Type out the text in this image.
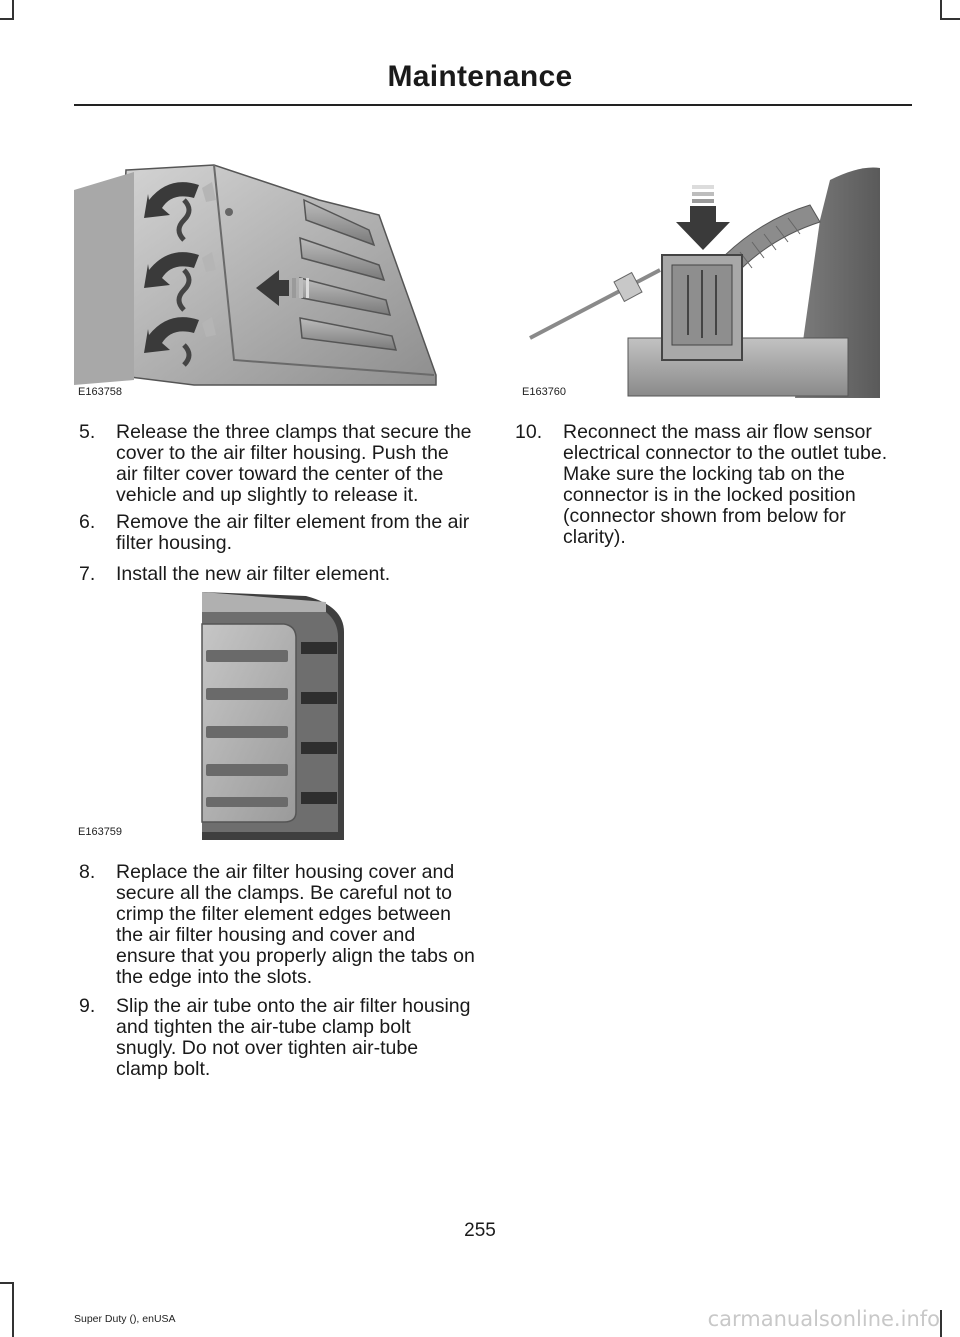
Maintenance
E163758	E163760
E163759
5. Release the three clamps that secure the cover to the air filter housing. Push the air filter cover toward the center of the vehicle and up slightly to release it.
6. Remove the air filter element from the air filter housing.
7. Install the new air filter element.
8. Replace the air filter housing cover and secure all the clamps. Be careful not to crimp the filter element edges between the air filter housing and cover and ensure that you properly align the tabs on the edge into the slots.
9. Slip the air tube onto the air filter housing and tighten the air-tube clamp bolt snugly. Do not over tighten air-tube clamp bolt.
10. Reconnect the mass air flow sensor electrical connector to the outlet tube. Make sure the locking tab on the connector is in the locked position (connector shown from below for clarity).
255
Super Duty (), enUSA	carmanualsonline.info
